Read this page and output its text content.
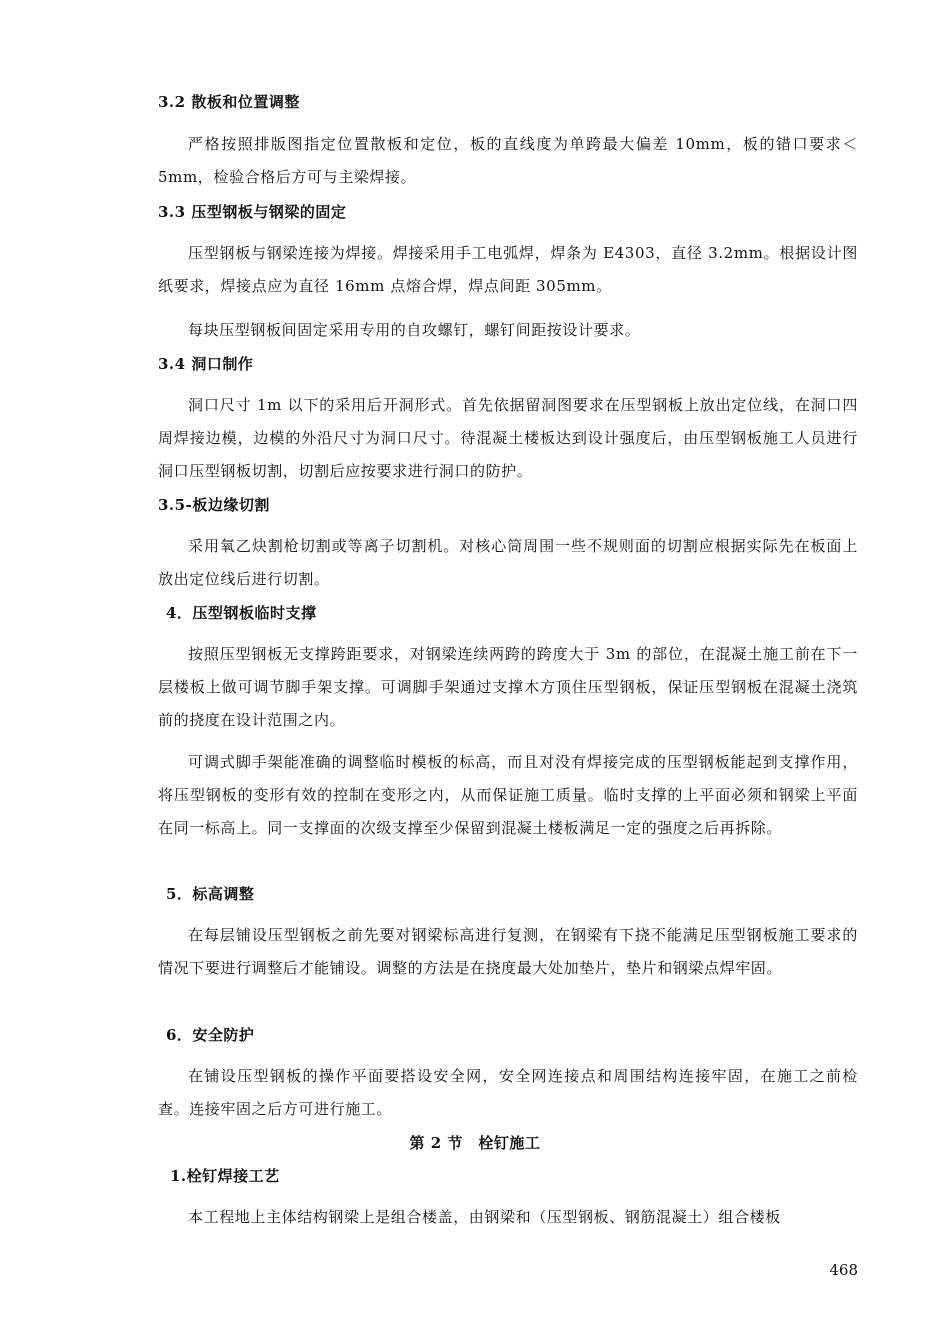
3.2 散板和位置调整
严格按照排版图指定位置散板和定位，板的直线度为单跨最大偏差 10mm，板的错口要求＜5mm，检验合格后方可与主梁焊接。
3.3 压型钢板与钢梁的固定
压型钢板与钢梁连接为焊接。焊接采用手工电弧焊，焊条为 E4303，直径 3.2mm。根据设计图纸要求，焊接点应为直径 16mm 点熔合焊，焊点间距 305mm。
每块压型钢板间固定采用专用的自攻螺钉，螺钉间距按设计要求。
3.4 洞口制作
洞口尺寸 1m 以下的采用后开洞形式。首先依据留洞图要求在压型钢板上放出定位线，在洞口四周焊接边模，边模的外沿尺寸为洞口尺寸。待混凝土楼板达到设计强度后，由压型钢板施工人员进行洞口压型钢板切割，切割后应按要求进行洞口的防护。
3.5-板边缘切割
采用氧乙炔割枪切割或等离子切割机。对核心筒周围一些不规则面的切割应根据实际先在板面上放出定位线后进行切割。
4．压型钢板临时支撑
按照压型钢板无支撑跨距要求，对钢梁连续两跨的跨度大于 3m 的部位，在混凝土施工前在下一层楼板上做可调节脚手架支撑。可调脚手架通过支撑木方顶住压型钢板，保证压型钢板在混凝土浇筑前的挠度在设计范围之内。
可调式脚手架能准确的调整临时模板的标高，而且对没有焊接完成的压型钢板能起到支撑作用，将压型钢板的变形有效的控制在变形之内，从而保证施工质量。临时支撑的上平面必须和钢梁上平面在同一标高上。同一支撑面的次级支撑至少保留到混凝土楼板满足一定的强度之后再拆除。
5．标高调整
在每层铺设压型钢板之前先要对钢梁标高进行复测，在钢梁有下挠不能满足压型钢板施工要求的情况下要进行调整后才能铺设。调整的方法是在挠度最大处加垫片，垫片和钢梁点焊牢固。
6．安全防护
在铺设压型钢板的操作平面要搭设安全网，安全网连接点和周围结构连接牢固，在施工之前检查。连接牢固之后方可进行施工。
第 2 节　栓钉施工
1.栓钉焊接工艺
本工程地上主体结构钢梁上是组合楼盖，由钢梁和（压型钢板、钢筋混凝土）组合楼板
468
